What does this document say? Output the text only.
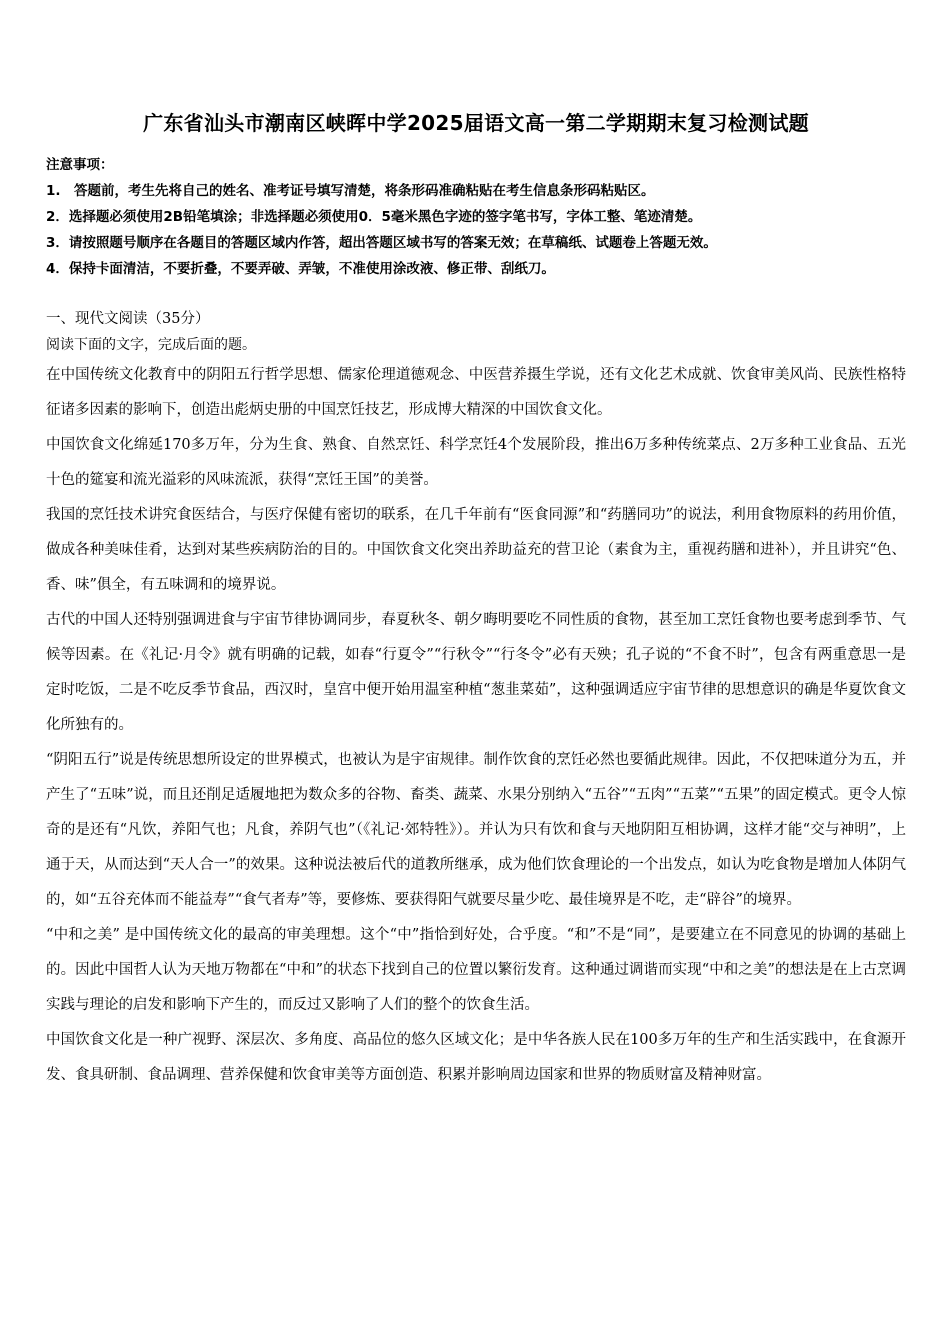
广东省汕头市潮南区峡晖中学2025届语文高一第二学期期末复习检测试题
注意事项：
1.　答题前，考生先将自己的姓名、准考证号填写清楚，将条形码准确粘贴在考生信息条形码粘贴区。
2．选择题必须使用2B铅笔填涂；非选择题必须使用0．5毫米黑色字迹的签字笔书写，字体工整、笔迹清楚。
3．请按照题号顺序在各题目的答题区域内作答，超出答题区域书写的答案无效；在草稿纸、试题卷上答题无效。
4．保持卡面清洁，不要折叠，不要弄破、弄皱，不准使用涂改液、修正带、刮纸刀。
一、现代文阅读（35分）
阅读下面的文字，完成后面的题。
在中国传统文化教育中的阴阳五行哲学思想、儒家伦理道德观念、中医营养摄生学说，还有文化艺术成就、饮食审美风尚、民族性格特征诸多因素的影响下，创造出彪炳史册的中国烹饪技艺，形成博大精深的中国饮食文化。
中国饮食文化绵延170多万年，分为生食、熟食、自然烹饪、科学烹饪4个发展阶段，推出6万多种传统菜点、2万多种工业食品、五光十色的筵宴和流光溢彩的风味流派，获得“烹饪王国”的美誉。
我国的烹饪技术讲究食医结合，与医疗保健有密切的联系，在几千年前有“医食同源”和“药膳同功”的说法，利用食物原料的药用价值，做成各种美味佳肴，达到对某些疾病防治的目的。中国饮食文化突出养助益充的营卫论（素食为主，重视药膳和进补），并且讲究“色、香、味”俱全，有五味调和的境界说。
古代的中国人还特别强调进食与宇宙节律协调同步，春夏秋冬、朝夕晦明要吃不同性质的食物，甚至加工烹饪食物也要考虑到季节、气候等因素。在《礼记·月令》就有明确的记载，如春“行夏令”“行秋令”“行冬令”必有天殃；孔子说的“不食不时”，包含有两重意思一是定时吃饭，二是不吃反季节食品，西汉时，皇宫中便开始用温室种植“葱韭菜茹”，这种强调适应宇宙节律的思想意识的确是华夏饮食文化所独有的。
“阴阳五行”说是传统思想所设定的世界模式，也被认为是宇宙规律。制作饮食的烹饪必然也要循此规律。因此，不仅把味道分为五，并产生了“五味”说，而且还削足适履地把为数众多的谷物、畜类、蔬菜、水果分别纳入“五谷”“五肉”“五菜”“五果”的固定模式。更令人惊奇的是还有“凡饮，养阳气也；凡食，养阴气也”（《礼记·郊特牲》）。并认为只有饮和食与天地阴阳互相协调，这样才能“交与神明”，上通于天，从而达到“天人合一”的效果。这种说法被后代的道教所继承，成为他们饮食理论的一个出发点，如认为吃食物是增加人体阴气的，如“五谷充体而不能益寿”“食气者寿”等，要修炼、要获得阳气就要尽量少吃、最佳境界是不吃，走“辟谷”的境界。
“中和之美” 是中国传统文化的最高的审美理想。这个“中”指恰到好处，合乎度。“和”不是“同”，是要建立在不同意见的协调的基础上的。因此中国哲人认为天地万物都在“中和”的状态下找到自己的位置以繁衍发育。这种通过调谐而实现“中和之美”的想法是在上古烹调实践与理论的启发和影响下产生的，而反过又影响了人们的整个的饮食生活。
中国饮食文化是一种广视野、深层次、多角度、高品位的悠久区域文化；是中华各族人民在100多万年的生产和生活实践中，在食源开发、食具研制、食品调理、营养保健和饮食审美等方面创造、积累并影响周边国家和世界的物质财富及精神财富。
